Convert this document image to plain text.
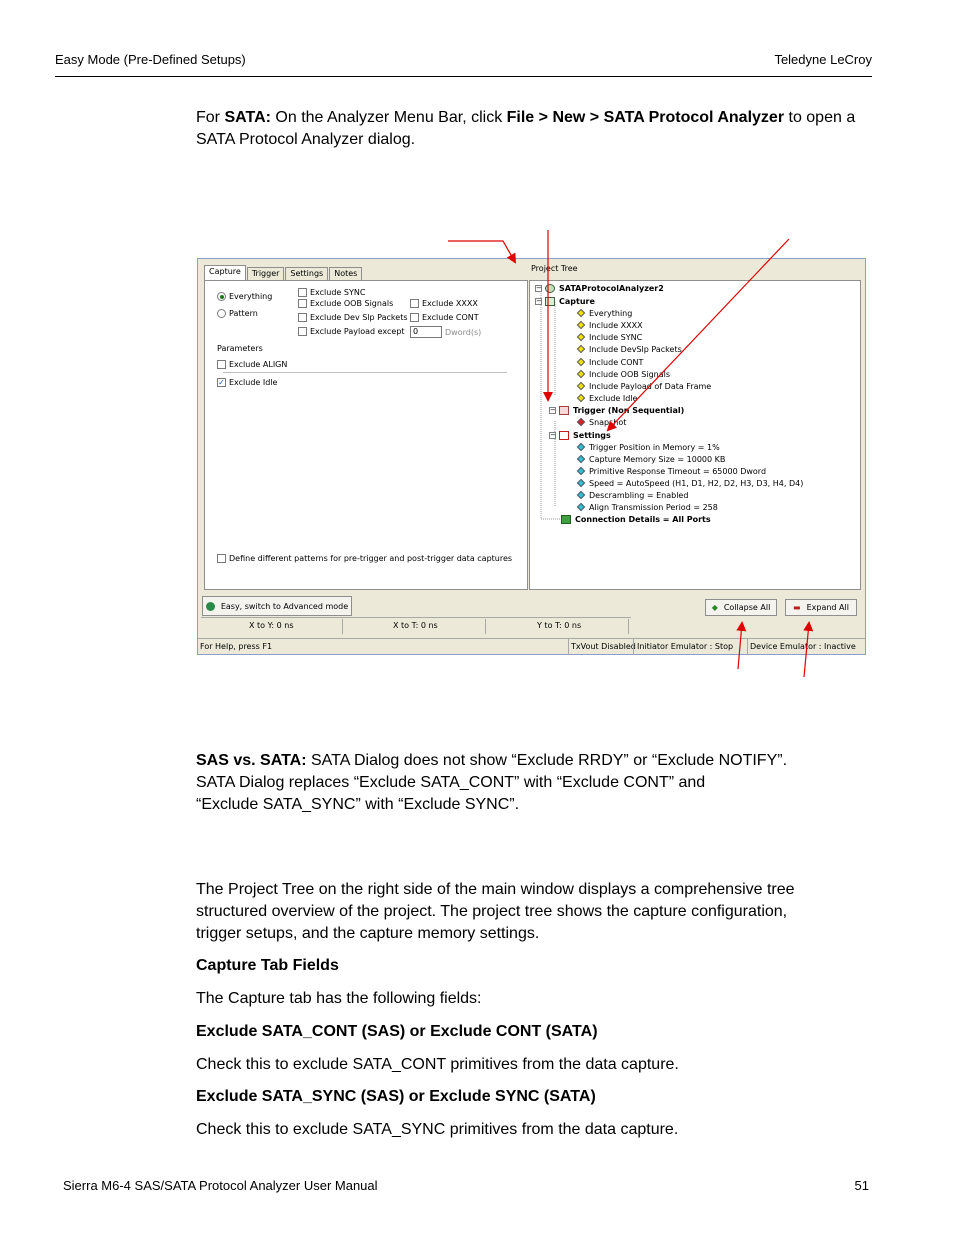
Easy Mode (Pre-Defined Setups)	Teledyne LeCroy
For SATA: On the Analyzer Menu Bar, click File > New > SATA Protocol Analyzer to open a
SATA Protocol Analyzer dialog.
Capture	Trigger	Settings	Notes
Everything
Pattern
Exclude SYNC
Exclude OOB Signals
Exclude Dev Slp Packets
Exclude Payload except
Exclude XXXX
Exclude CONT
0	Dword(s)
Parameters
Exclude ALIGN
✓ Exclude Idle
Define different patterns for pre-trigger and post-trigger data captures
Project Tree
− SATAProtocolAnalyzer2
− Capture
Everything
Include XXXX
Include SYNC
Include DevSlp Packets
Include CONT
Include OOB Signals
Include Payload of Data Frame
Exclude Idle
− Trigger (Non Sequential)
Snapshot
− Settings
Trigger Position in Memory = 1%
Capture Memory Size = 10000 KB
Primitive Response Timeout = 65000 Dword
Speed = AutoSpeed (H1, D1, H2, D2, H3, D3, H4, D4)
Descrambling = Enabled
Align Transmission Period = 258
Connection Details = All Ports
Easy, switch to Advanced mode	◆ Collapse All	▬ Expand All
X to Y: 0 ns	X to T: 0 ns	Y to T: 0 ns
For Help, press F1	TxVout Disabled Initiator Emulator : Stop Device Emulator : Inactive
SAS vs. SATA: SATA Dialog does not show “Exclude RRDY” or “Exclude NOTIFY”.
SATA Dialog replaces “Exclude SATA_CONT” with “Exclude CONT” and
“Exclude SATA_SYNC” with “Exclude SYNC”.
The Project Tree on the right side of the main window displays a comprehensive tree
structured overview of the project. The project tree shows the capture configuration,
trigger setups, and the capture memory settings.
Capture Tab Fields
The Capture tab has the following fields:
Exclude SATA_CONT (SAS) or Exclude CONT (SATA)
Check this to exclude SATA_CONT primitives from the data capture.
Exclude SATA_SYNC (SAS) or Exclude SYNC (SATA)
Check this to exclude SATA_SYNC primitives from the data capture.
Sierra M6-4 SAS/SATA Protocol Analyzer User Manual	51
